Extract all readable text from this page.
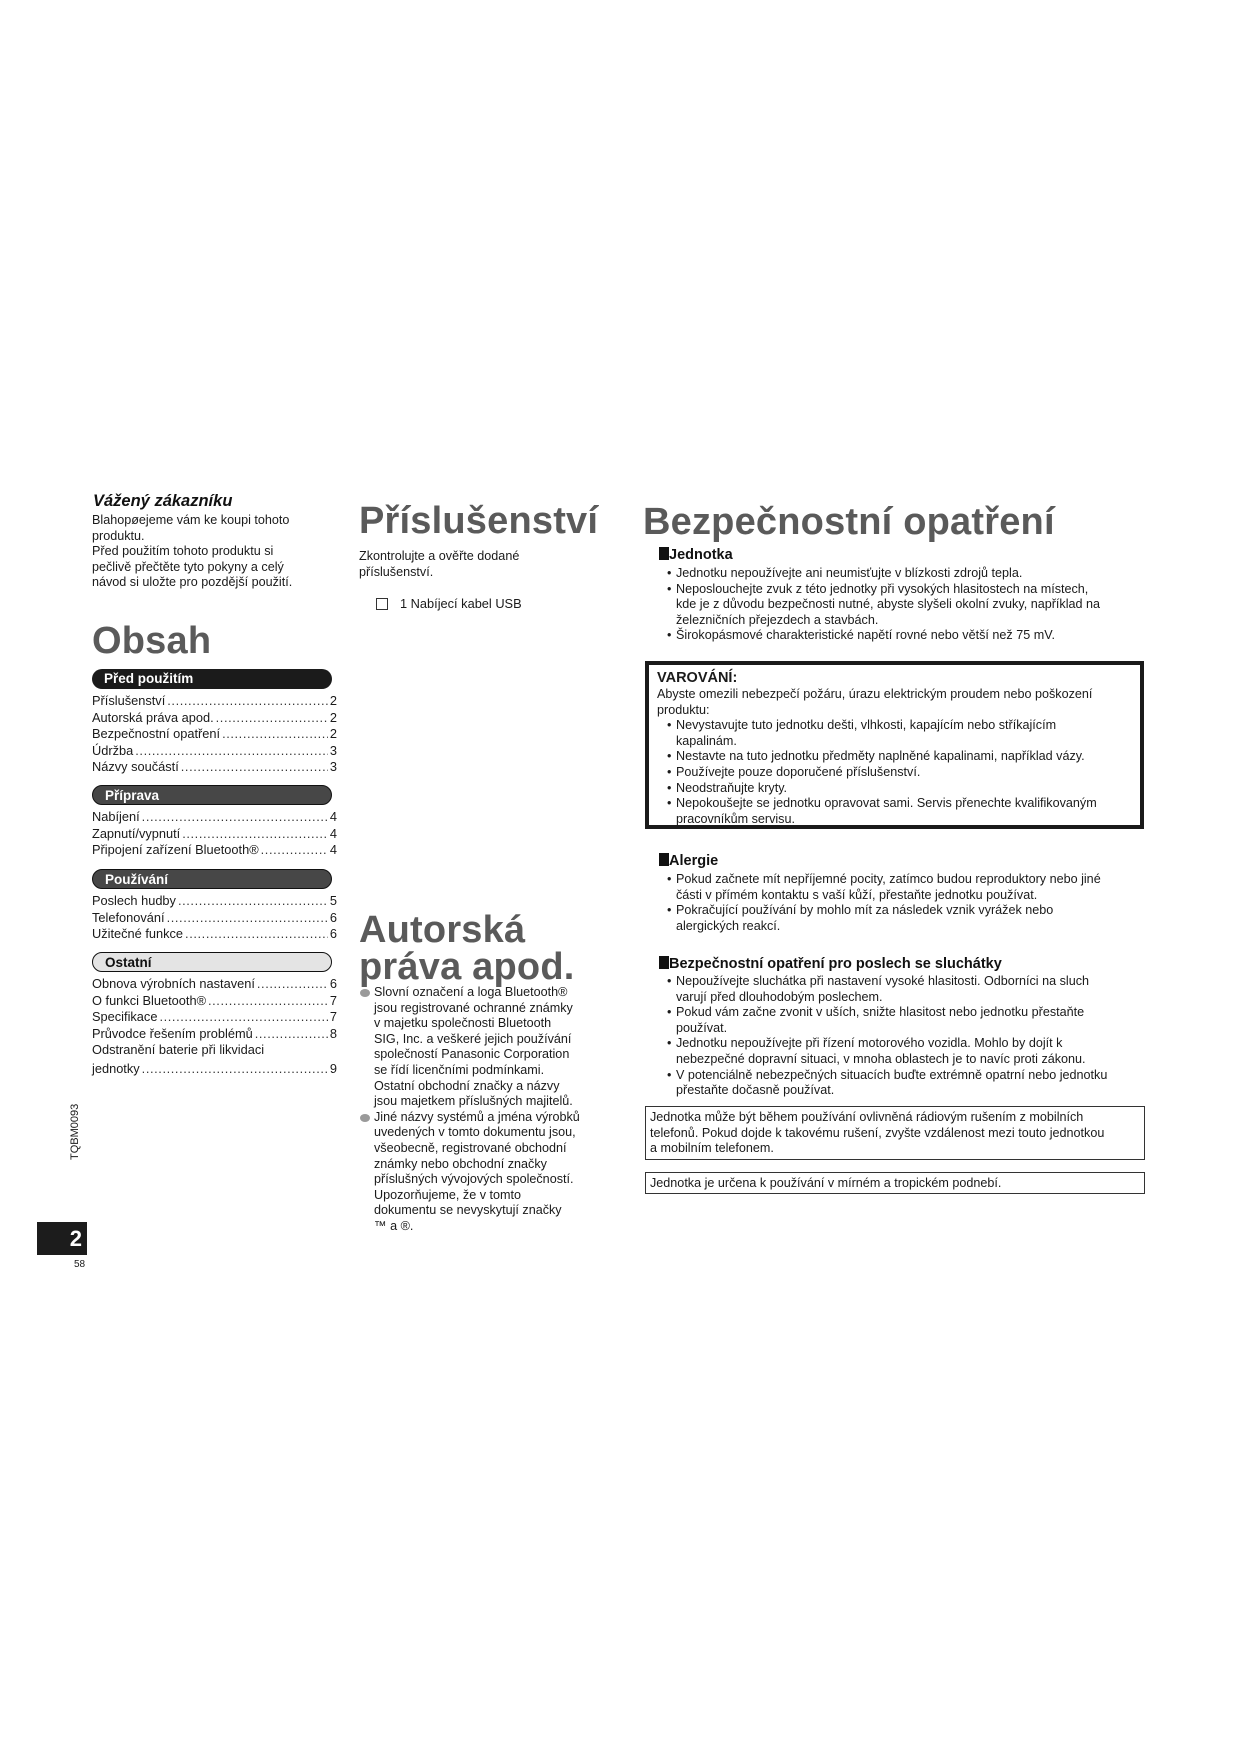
Vážený zákazníku

Blahopøejeme vám ke koupi tohoto

produktu.

Před použitím tohoto produktu si

pečlivě přečtěte tyto pokyny a celý

návod si uložte pro pozdější použití.

Obsah
Před použitím
Příslušenství .....	2
Autorská práva apod. .....	2
Bezpečnostní opatření .....	2
Údržba .....	3
Názvy součástí .....	3
Příprava
Nabíjení .....	4
Zapnutí/vypnutí .....	4
Připojení zařízení Bluetooth® .....	4
Používání
Poslech hudby .....	5
Telefonování .....	6
Užitečné funkce .....	6
Ostatní
Obnova výrobních nastavení .....	6
O funkci Bluetooth® .....	7
Specifikace .....	7
Průvodce řešením problémů .....	8
Odstranění baterie při likvidaci
jednotky .....	9
TQBM0093
2
58
Příslušenství

Zkontrolujte a ověřte dodané

příslušenství.

1 Nabíjecí kabel USB
Autorská
práva apod.

Slovní označení a loga Bluetooth®

jsou registrované ochranné známky

v majetku společnosti Bluetooth

SIG, Inc. a veškeré jejich používání

společností Panasonic Corporation

se řídí licenčními podmínkami.

Ostatní obchodní značky a názvy

jsou majetkem příslušných majitelů.

Jiné názvy systémů a jména výrobků

uvedených v tomto dokumentu jsou,

všeobecně, registrované obchodní

známky nebo obchodní značky

příslušných vývojových společností.

Upozorňujeme, že v tomto

dokumentu se nevyskytují značky

™ a ®.

Bezpečnostní opatření
Jednotka
• Jednotku nepoužívejte ani neumisťujte v blízkosti zdrojů tepla.

• Neposlouchejte zvuk z této jednotky při vysokých hlasitostech na místech,

kde je z důvodu bezpečnosti nutné, abyste slyšeli okolní zvuky, například na

železničních přejezdech a stavbách.

• Širokopásmové charakteristické napětí rovné nebo větší než 75 mV.

VAROVÁNÍ:

Abyste omezili nebezpečí požáru, úrazu elektrickým proudem nebo poškození

produktu:

• Nevystavujte tuto jednotku dešti, vlhkosti, kapajícím nebo stříkajícím

kapalinám.

• Nestavte na tuto jednotku předměty naplněné kapalinami, například vázy.

• Používejte pouze doporučené příslušenství.

• Neodstraňujte kryty.

• Nepokoušejte se jednotku opravovat sami. Servis přenechte kvalifikovaným

pracovníkům servisu.

Alergie
• Pokud začnete mít nepříjemné pocity, zatímco budou reproduktory nebo jiné

části v přímém kontaktu s vaší kůží, přestaňte jednotku používat.

• Pokračující používání by mohlo mít za následek vznik vyrážek nebo

alergických reakcí.

Bezpečnostní opatření pro poslech se sluchátky
• Nepoužívejte sluchátka při nastavení vysoké hlasitosti. Odborníci na sluch

varují před dlouhodobým poslechem.

• Pokud vám začne zvonit v uších, snižte hlasitost nebo jednotku přestaňte

používat.

• Jednotku nepoužívejte při řízení motorového vozidla. Mohlo by dojít k

nebezpečné dopravní situaci, v mnoha oblastech je to navíc proti zákonu.

• V potenciálně nebezpečných situacích buďte extrémně opatrní nebo jednotku

přestaňte dočasně používat.

Jednotka může být během používání ovlivněná rádiovým rušením z mobilních

telefonů. Pokud dojde k takovému rušení, zvyšte vzdálenost mezi touto jednotkou

a mobilním telefonem.

Jednotka je určena k používání v mírném a tropickém podnebí.
